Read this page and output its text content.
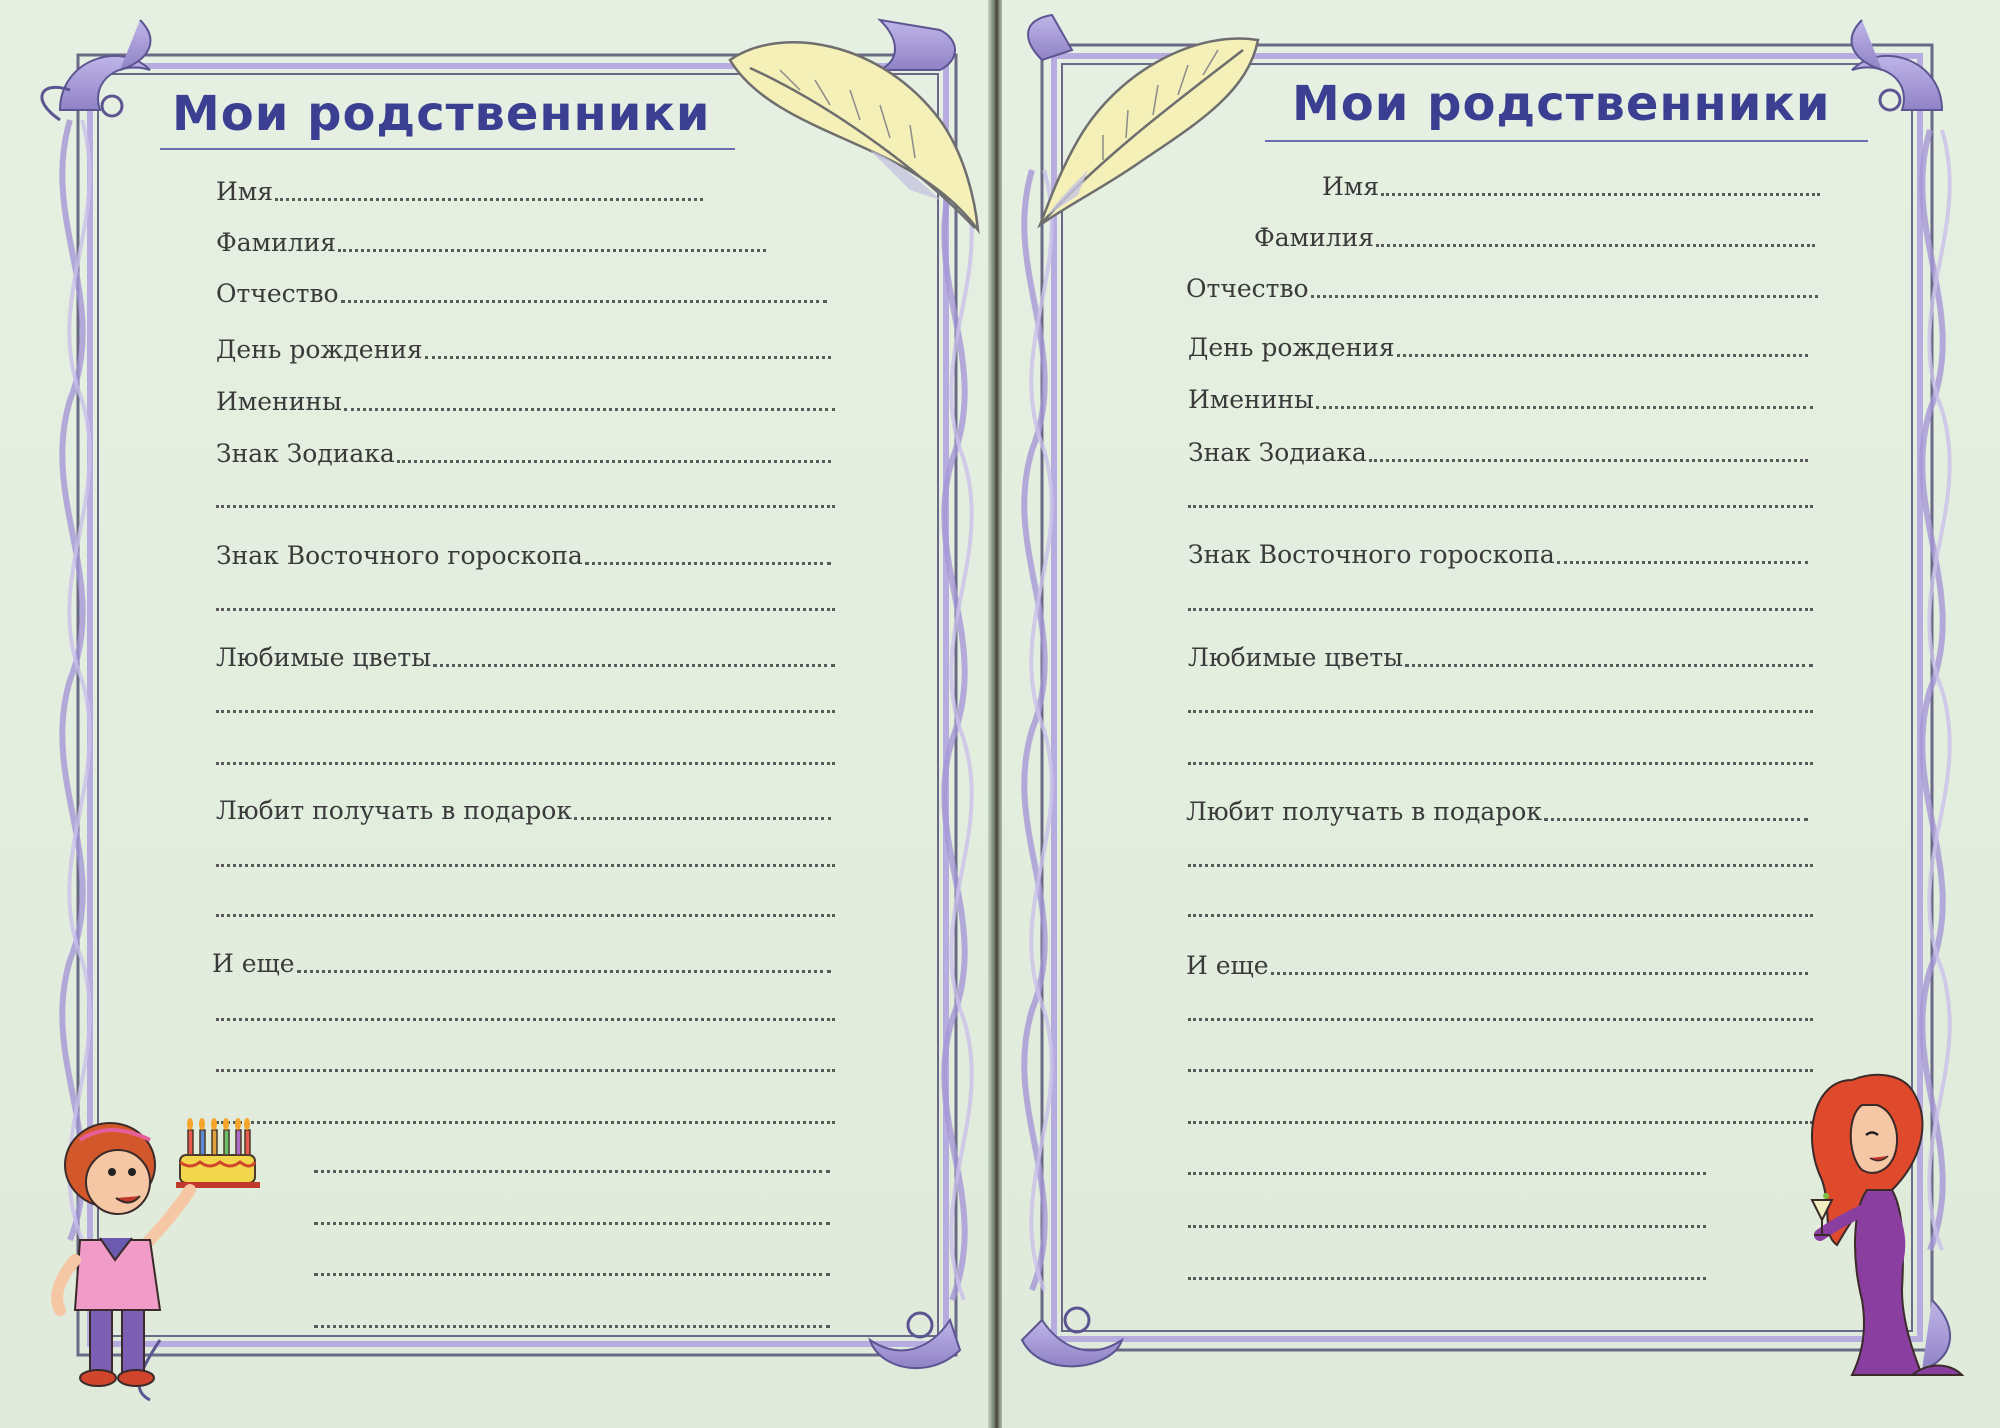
Мои родственники
Имя
Фамилия
Отчество
День рождения
Именины
Знак Зодиака
Знак Восточного гороскопа
Любимые цветы
Любит получать в подарок
И еще
Мои родственники
Имя
Фамилия
Отчество
День рождения
Именины
Знак Зодиака
Знак Восточного гороскопа
Любимые цветы
Любит получать в подарок
И еще
